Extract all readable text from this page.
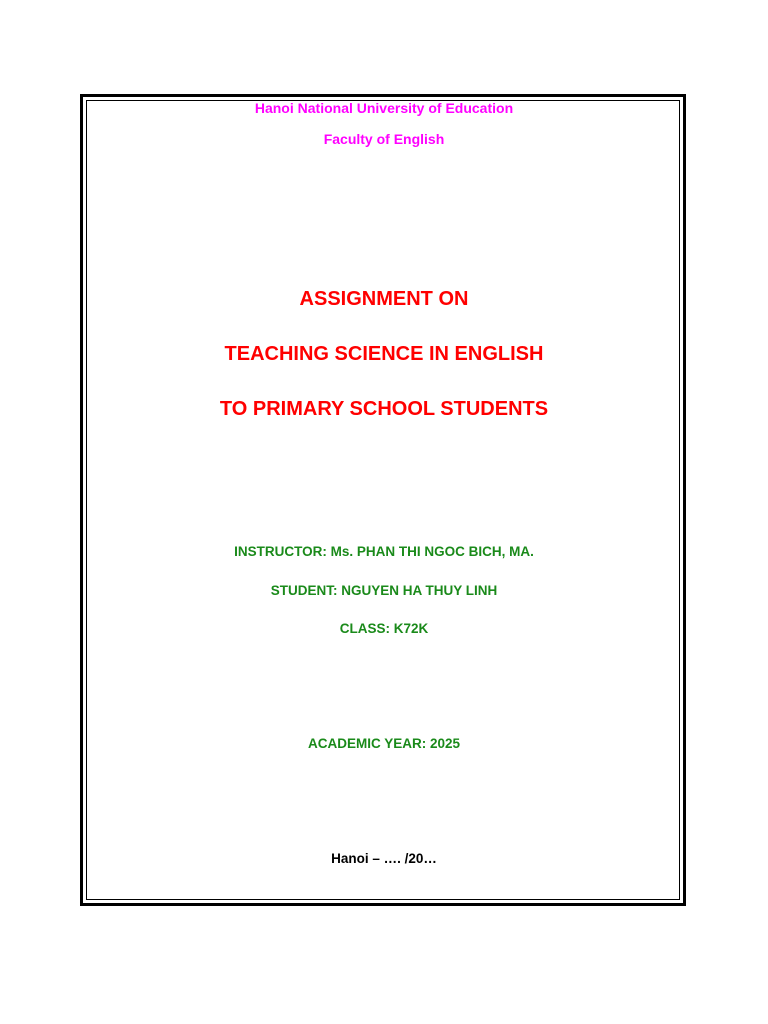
Hanoi National University of Education
Faculty of English
ASSIGNMENT ON
TEACHING SCIENCE IN ENGLISH
TO PRIMARY SCHOOL STUDENTS
INSTRUCTOR: Ms. PHAN THI NGOC BICH, MA.
STUDENT: NGUYEN HA THUY LINH
CLASS: K72K
ACADEMIC YEAR: 2025
Hanoi – …. /20…
